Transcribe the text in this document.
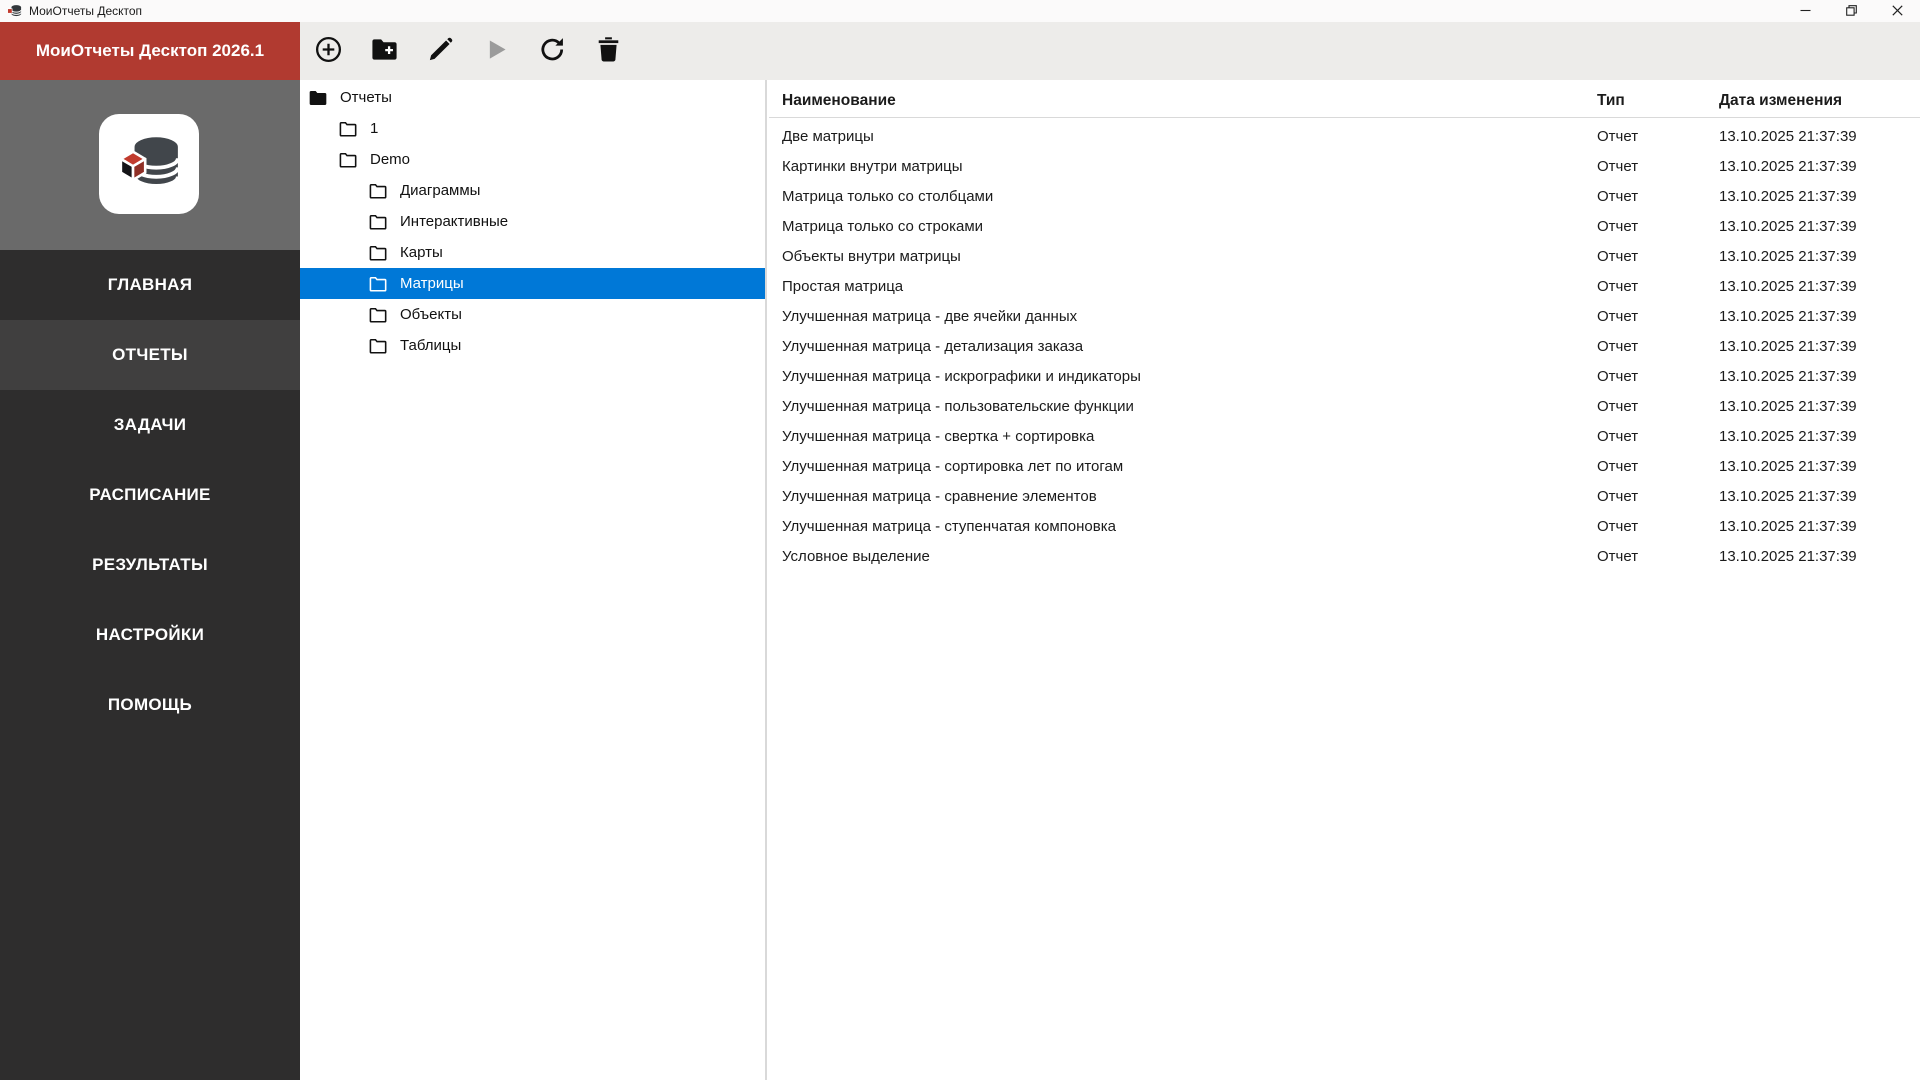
МоиОтчеты Десктоп
МоиОтчеты Десктоп 2026.1
ГЛАВНАЯ
ОТЧЕТЫ
ЗАДАЧИ
РАСПИСАНИЕ
РЕЗУЛЬТАТЫ
НАСТРОЙКИ
ПОМОЩЬ
Отчеты
1
Demo
Диаграммы
Интерактивные
Карты
Матрицы
Объекты
Таблицы
Наименование	Тип	Дата изменения
Две матрицы	Отчет	13.10.2025 21:37:39
Картинки внутри матрицы	Отчет	13.10.2025 21:37:39
Матрица только со столбцами	Отчет	13.10.2025 21:37:39
Матрица только со строками	Отчет	13.10.2025 21:37:39
Объекты внутри матрицы	Отчет	13.10.2025 21:37:39
Простая матрица	Отчет	13.10.2025 21:37:39
Улучшенная матрица - две ячейки данных	Отчет	13.10.2025 21:37:39
Улучшенная матрица - детализация заказа	Отчет	13.10.2025 21:37:39
Улучшенная матрица - искрографики и индикаторы	Отчет	13.10.2025 21:37:39
Улучшенная матрица - пользовательские функции	Отчет	13.10.2025 21:37:39
Улучшенная матрица - свертка + сортировка	Отчет	13.10.2025 21:37:39
Улучшенная матрица - сортировка лет по итогам	Отчет	13.10.2025 21:37:39
Улучшенная матрица - сравнение элементов	Отчет	13.10.2025 21:37:39
Улучшенная матрица - ступенчатая компоновка	Отчет	13.10.2025 21:37:39
Условное выделение	Отчет	13.10.2025 21:37:39
